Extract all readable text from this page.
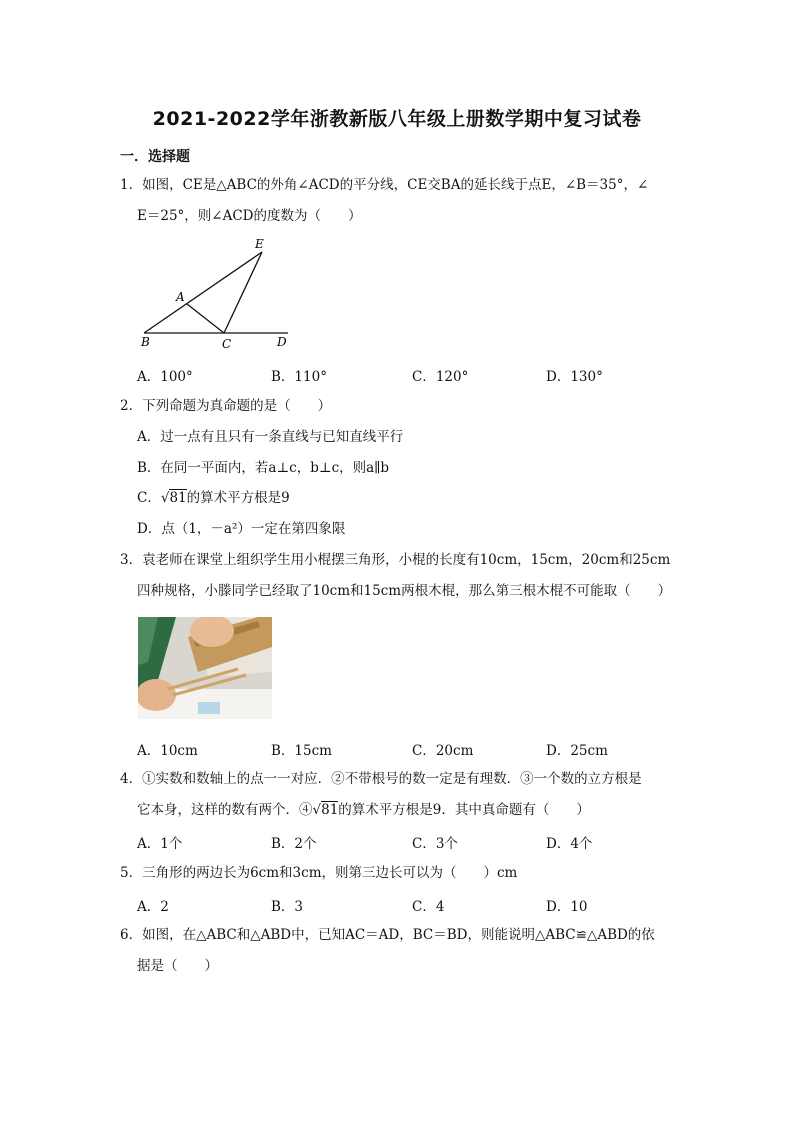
2021-2022学年浙教新版八年级上册数学期中复习试卷
一．选择题
1．如图，CE是△ABC的外角∠ACD的平分线，CE交BA的延长线于点E，∠B＝35°，∠
E＝25°，则∠ACD的度数为（　　）
E
A
B	C	D
A．100°	B．110°	C．120°	D．130°
2．下列命题为真命题的是（　　）
A．过一点有且只有一条直线与已知直线平行
B．在同一平面内，若a⊥c，b⊥c，则a∥b
C．√81的算术平方根是9
D．点（1，－a²）一定在第四象限
3．袁老师在课堂上组织学生用小棍摆三角形，小棍的长度有10cm，15cm，20cm和25cm
四种规格，小滕同学已经取了10cm和15cm两根木棍，那么第三根木棍不可能取（　　）
A．10cm	B．15cm	C．20cm	D．25cm
4．①实数和数轴上的点一一对应．②不带根号的数一定是有理数．③一个数的立方根是
它本身，这样的数有两个．④√81的算术平方根是9．其中真命题有（　　）
A．1个	B．2个	C．3个	D．4个
5．三角形的两边长为6cm和3cm，则第三边长可以为（　　）cm
A．2	B．3	C．4	D．10
6．如图，在△ABC和△ABD中，已知AC＝AD，BC＝BD，则能说明△ABC≌△ABD的依
据是（　　）
